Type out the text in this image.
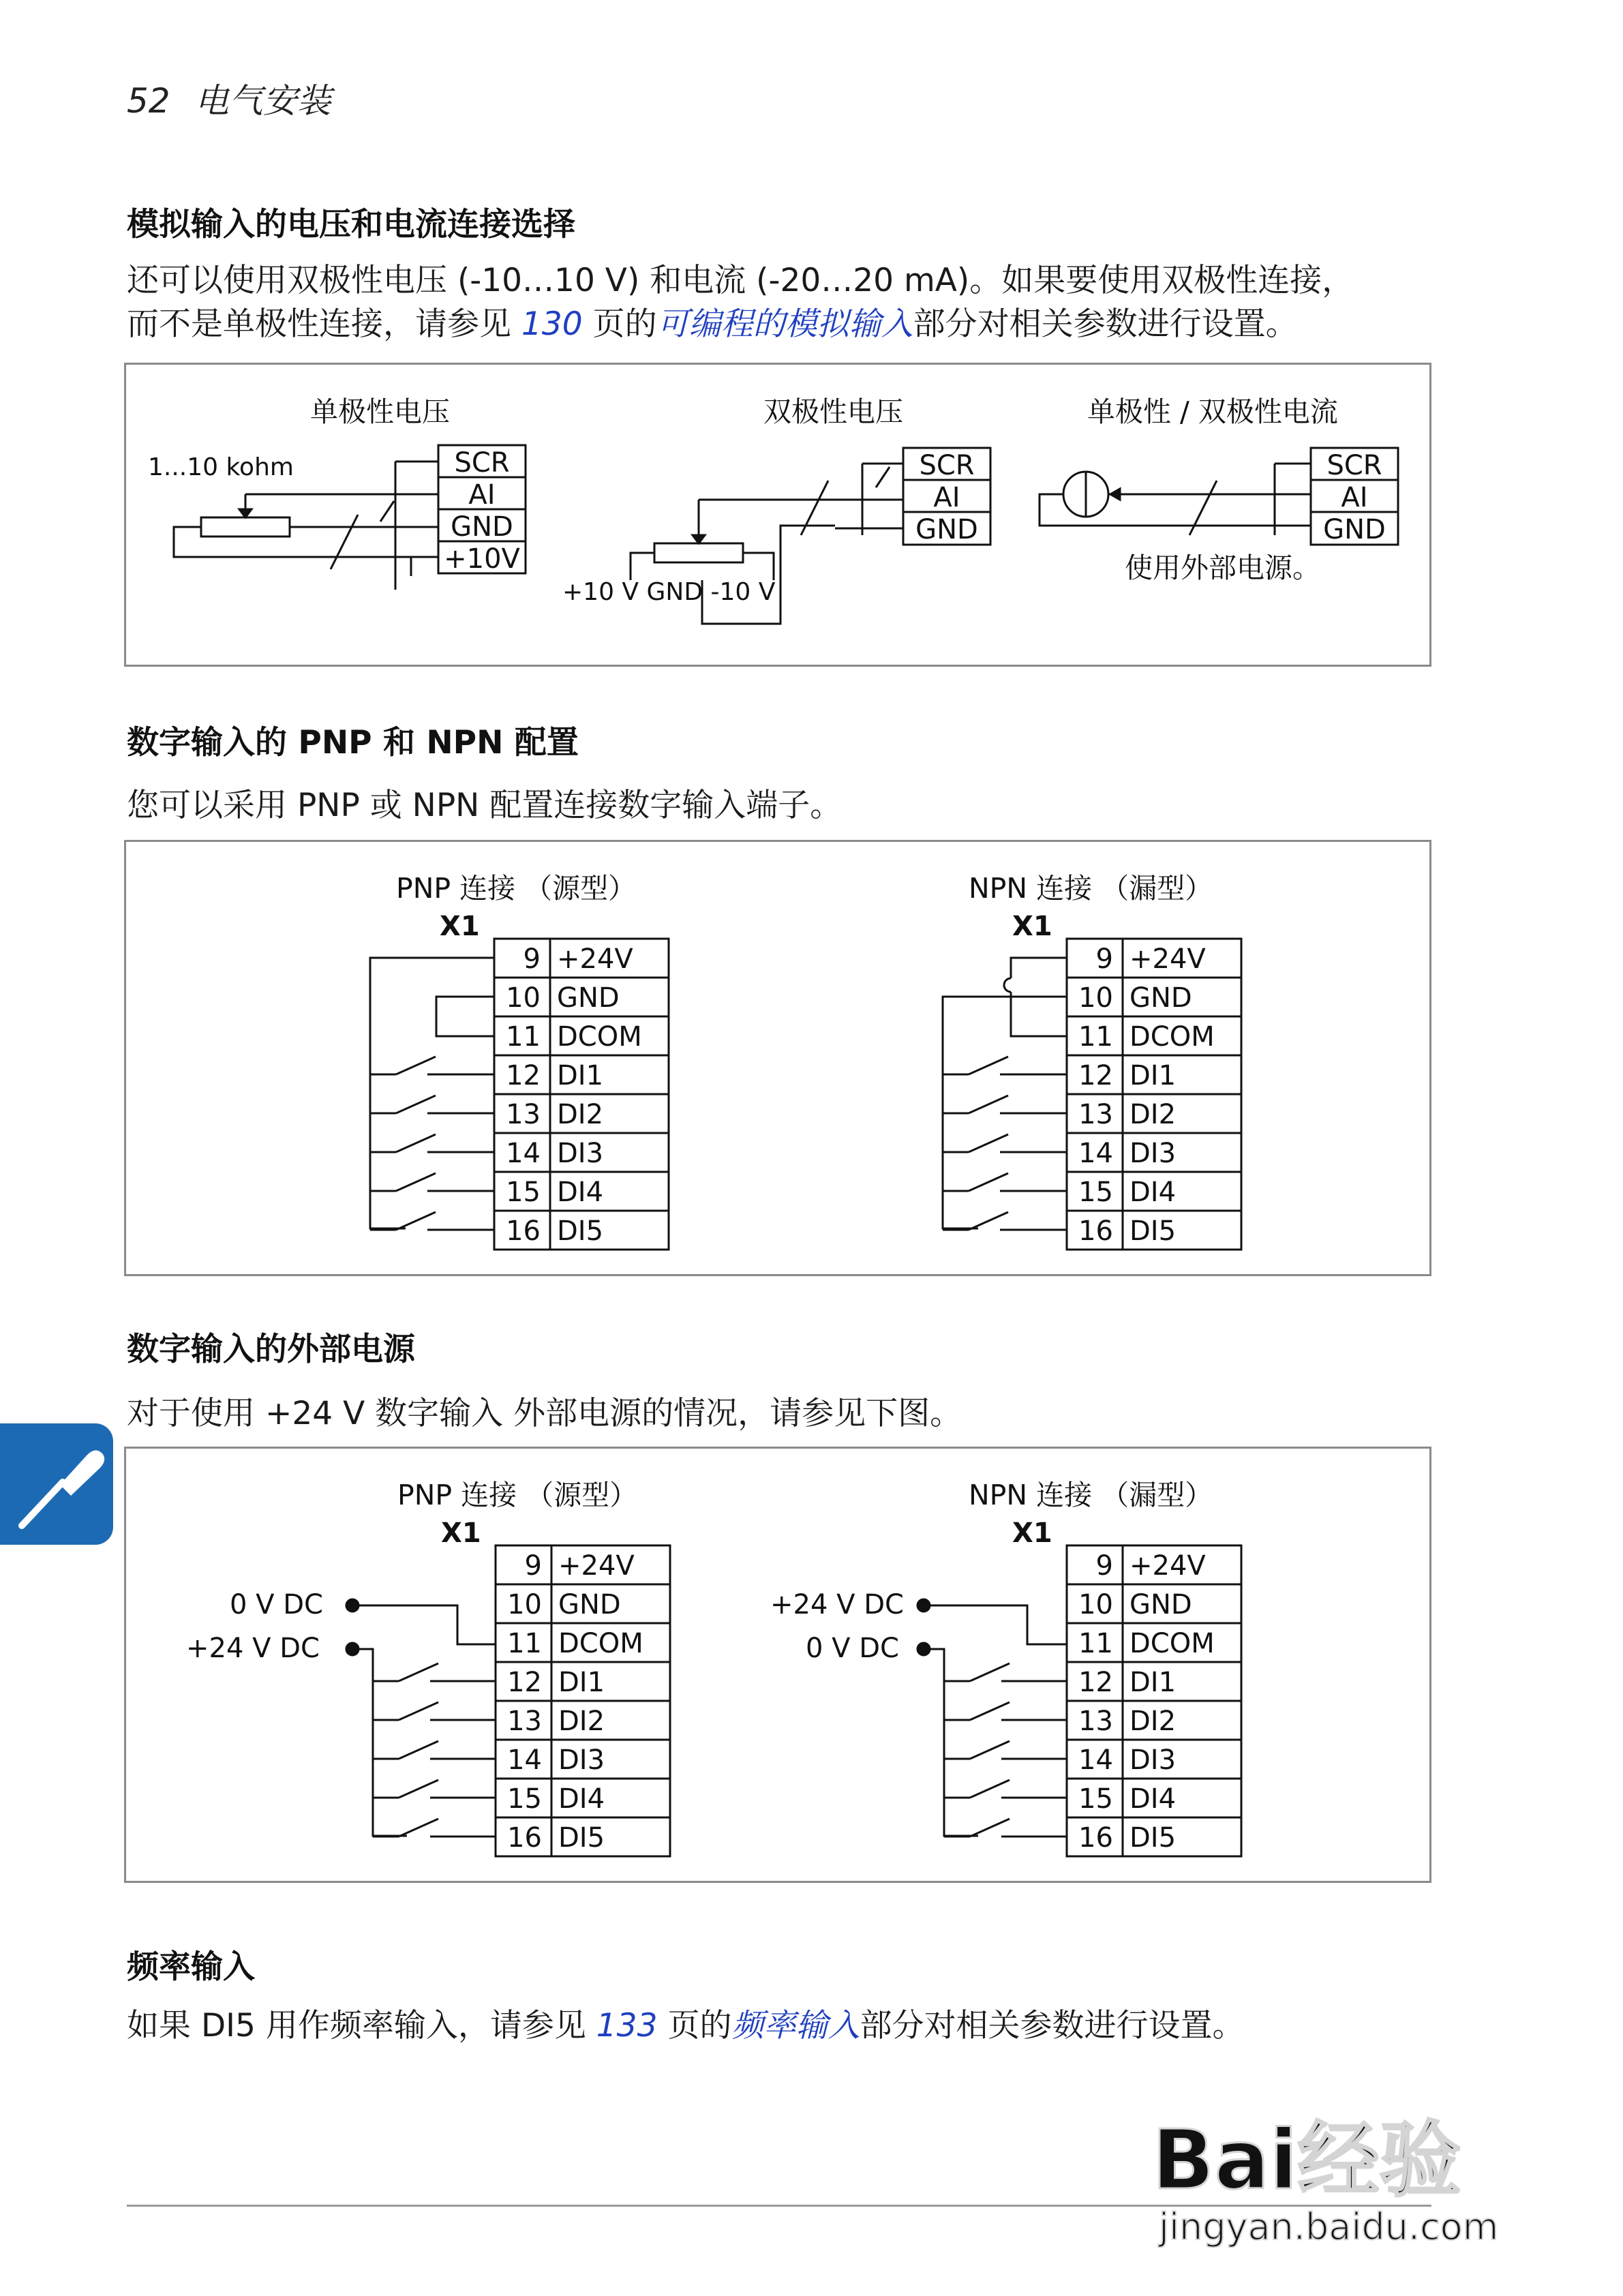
52 电气安装
模拟输入的电压和电流连接选择
还可以使用双极性电压 (-10…10 V) 和电流 (-20…20 mA)。如果要使用双极性连接，
而不是单极性连接，请参见 130 页的可编程的模拟输入部分对相关参数进行设置。
单极性电压
1...10 kohm	SCR
AI
GND
+10V
双极性电压
SCR
AI
GND
+10 V GND -10 V
单极性 / 双极性电流
SCR
AI
GND
使用外部电源。
数字输入的 PNP 和 NPN 配置
您可以采用 PNP 或 NPN 配置连接数字输入端子。
PNP 连接 （源型）
X1
9 +24V
10 GND
11 DCOM
12 DI1
13 DI2
14 DI3
15 DI4
16 DI5
NPN 连接 （漏型）
X1
9 +24V
10 GND
11 DCOM
12 DI1
13 DI2
14 DI3
15 DI4
16 DI5
数字输入的外部电源
对于使用 +24 V 数字输入 外部电源的情况，请参见下图。
PNP 连接 （源型）
X1
9 +24V
10 GND
11 DCOM
12 DI1
13 DI2
14 DI3
15 DI4
16 DI5
0 V DC
+24 V DC
NPN 连接 （漏型）
X1
9 +24V
10 GND
11 DCOM
12 DI1
13 DI2
14 DI3
15 DI4
16 DI5
+24 V DC
0 V DC
频率输入
如果 DI5 用作频率输入，请参见 133 页的频率输入部分对相关参数进行设置。
Bai经验
jingyan.baidu.com
